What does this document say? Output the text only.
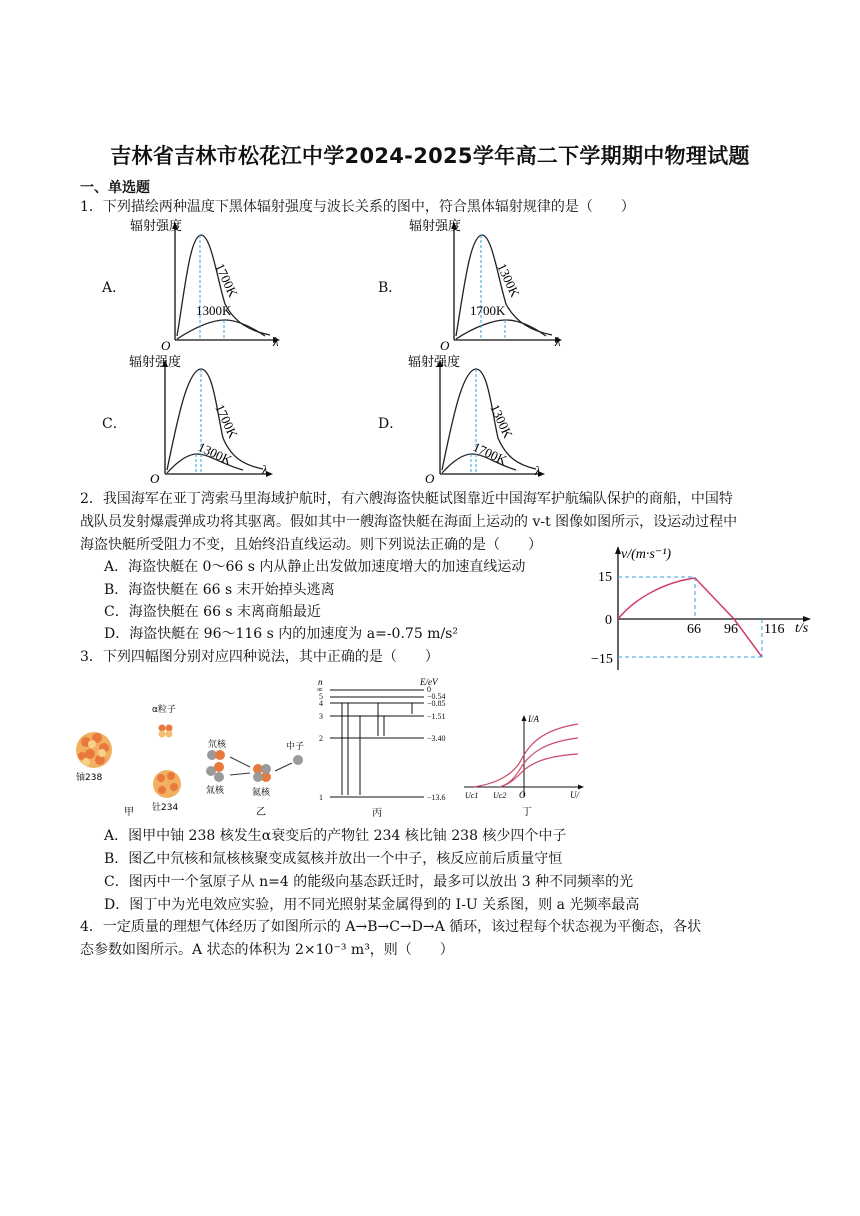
吉林省吉林市松花江中学2024-2025学年高二下学期期中物理试题
一、单选题
1．下列描绘两种温度下黑体辐射强度与波长关系的图中，符合黑体辐射规律的是（　　）
A．	B．
C．	D．
辐射强度
λ
O
1700K
1300K
辐射强度
λ
O
1300K
1700K
辐射强度
λ
O
1700K
1300K
辐射强度
λ
O
1300K
1700K
2．我国海军在亚丁湾索马里海域护航时，有六艘海盗快艇试图靠近中国海军护航编队保护的商船，中国特
战队员发射爆震弹成功将其驱离。假如其中一艘海盗快艇在海面上运动的 v-t 图像如图所示，设运动过程中
海盗快艇所受阻力不变，且始终沿直线运动。则下列说法正确的是（　　）
A．海盗快艇在 0～66 s 内从静止出发做加速度增大的加速直线运动
B．海盗快艇在 66 s 末开始掉头逃离
C．海盗快艇在 66 s 末离商船最近
D．海盗快艇在 96～116 s 内的加速度为 a=-0.75 m/s²
v/(m·s⁻¹)
t/s
15
0
−15
66 96 116
3．下列四幅图分别对应四种说法，其中正确的是（　　）
α粒子
铀238
钍234
甲
氘核
氚核	氦核
中子
乙
n	E/eV
∞	0
5	−0.54
4	−0.85
3	−1.51
2	−3.40
1	−13.6
丙
I/A
U/
Uc1 Uc2 O
丁
A．图甲中铀 238 核发生α衰变后的产物钍 234 核比铀 238 核少四个中子
B．图乙中氘核和氚核核聚变成氦核并放出一个中子，核反应前后质量守恒
C．图丙中一个氢原子从 n=4 的能级向基态跃迁时，最多可以放出 3 种不同频率的光
D．图丁中为光电效应实验，用不同光照射某金属得到的 I-U 关系图，则 a 光频率最高
4．一定质量的理想气体经历了如图所示的 A→B→C→D→A 循环，该过程每个状态视为平衡态，各状
态参数如图所示。A 状态的体积为 2×10⁻³ m³，则（　　）
